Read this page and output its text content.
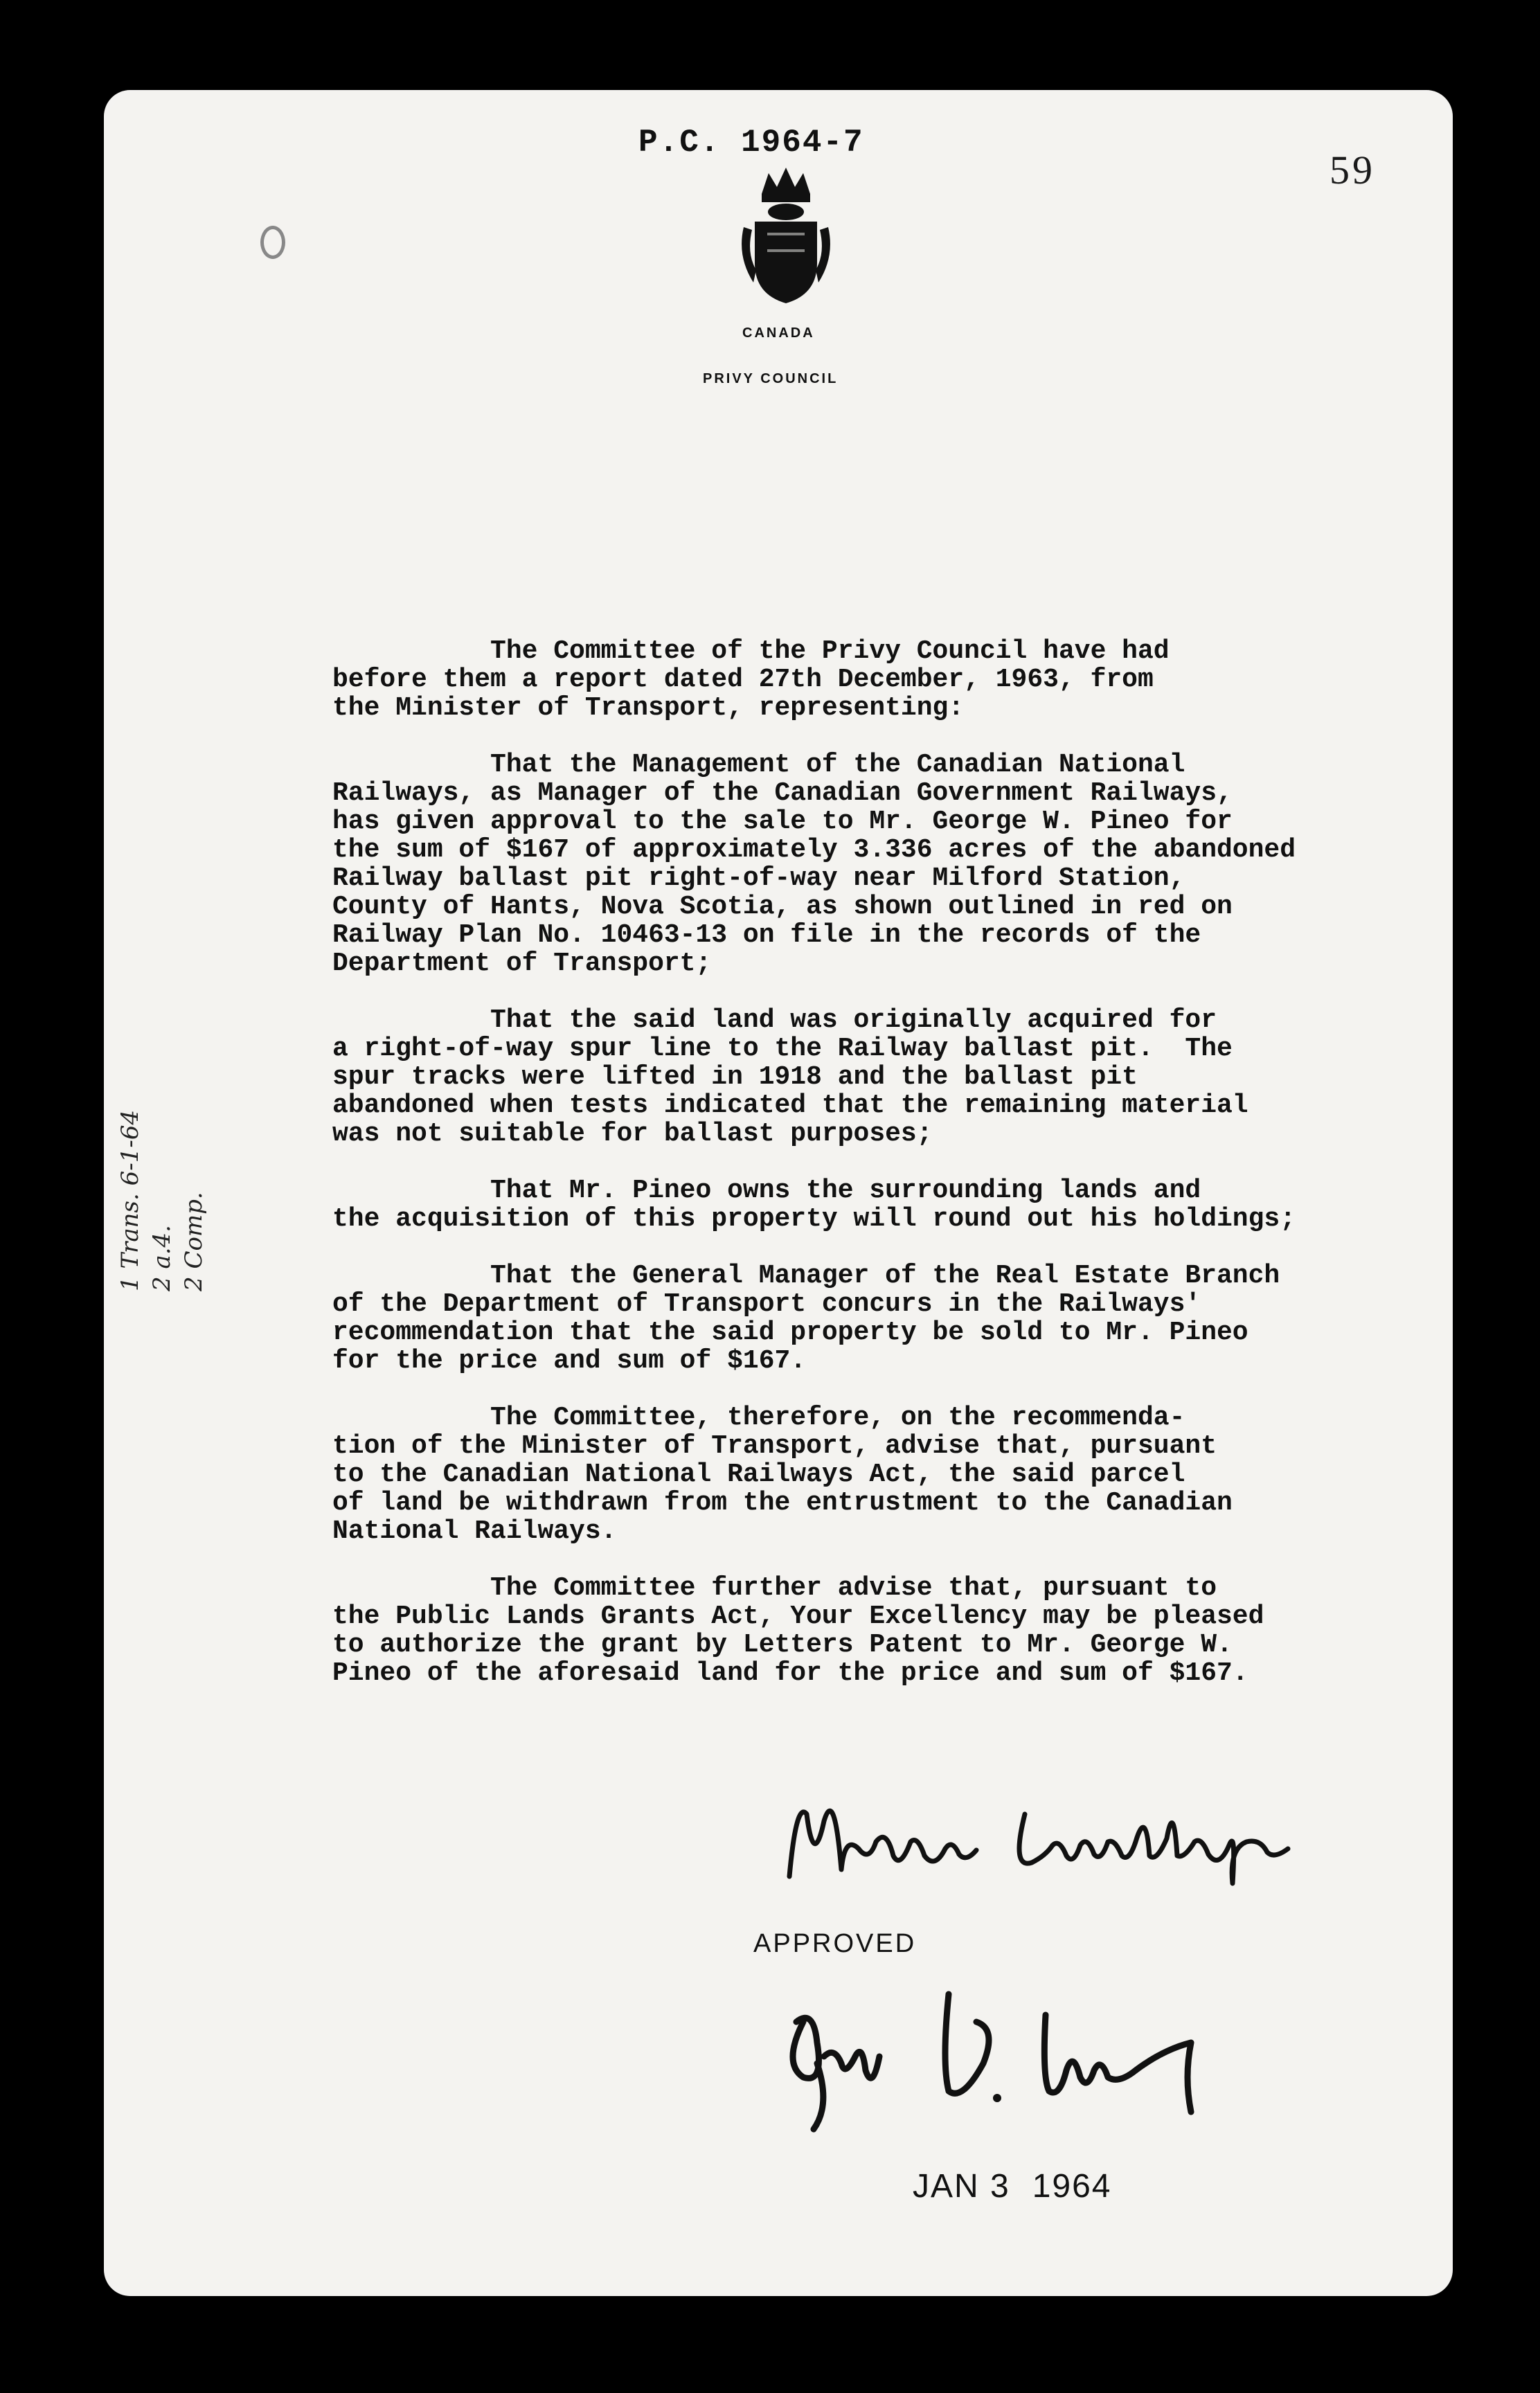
P.C. 1964-7
59
CANADA
PRIVY COUNCIL

The Committee of the Privy Council have had
before them a report dated 27th December, 1963, from
the Minister of Transport, representing:

That the Management of the Canadian National
Railways, as Manager of the Canadian Government Railways,
has given approval to the sale to Mr. George W. Pineo for
the sum of $167 of approximately 3.336 acres of the abandoned
Railway ballast pit right-of-way near Milford Station,
County of Hants, Nova Scotia, as shown outlined in red on
Railway Plan No. 10463-13 on file in the records of the
Department of Transport;

That the said land was originally acquired for
a right-of-way spur line to the Railway ballast pit.  The
spur tracks were lifted in 1918 and the ballast pit
abandoned when tests indicated that the remaining material
was not suitable for ballast purposes;

That Mr. Pineo owns the surrounding lands and
the acquisition of this property will round out his holdings;

That the General Manager of the Real Estate Branch
of the Department of Transport concurs in the Railways'
recommendation that the said property be sold to Mr. Pineo
for the price and sum of $167.

The Committee, therefore, on the recommenda-
tion of the Minister of Transport, advise that, pursuant
to the Canadian National Railways Act, the said parcel
of land be withdrawn from the entrustment to the Canadian
National Railways.

The Committee further advise that, pursuant to
the Public Lands Grants Act, Your Excellency may be pleased
to authorize the grant by Letters Patent to Mr. George W.
Pineo of the aforesaid land for the price and sum of $167.

1 Trans. 6-1-64 2 a.4. 2 Comp.
APPROVED
JAN 3 1964
